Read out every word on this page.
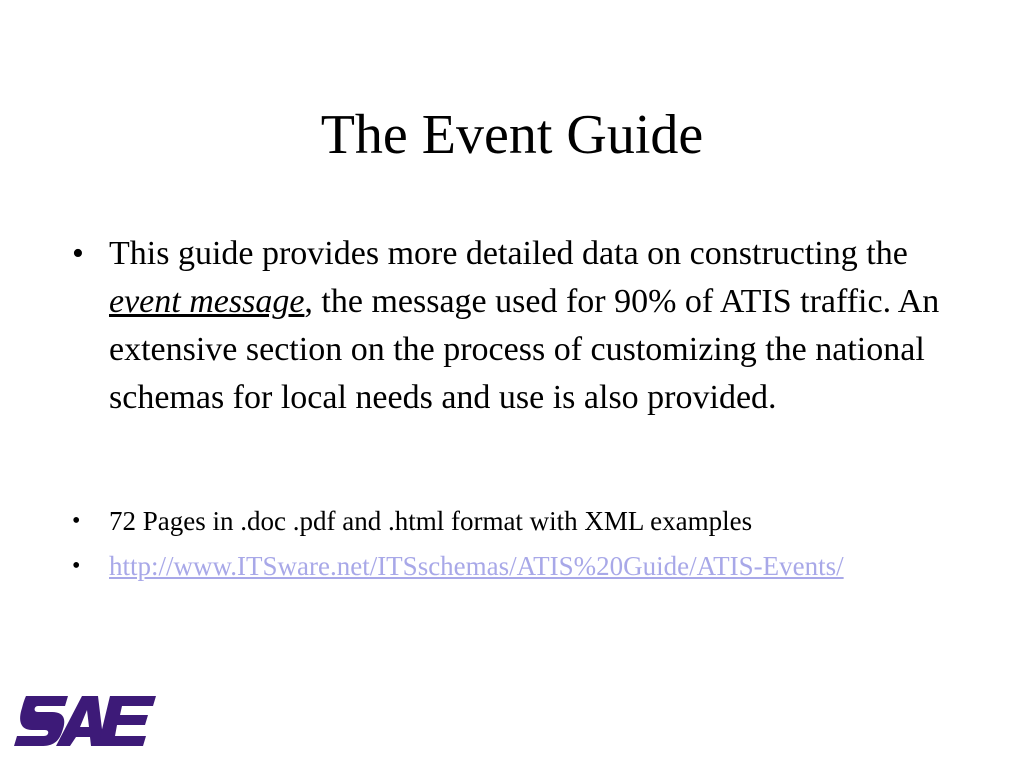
The Event Guide
• This guide provides more detailed data on constructing the event message, the message used for 90% of ATIS traffic. An extensive section on the process of customizing the national schemas for local needs and use is also provided.
• 72 Pages in .doc .pdf and .html format with XML examples
• http://www.ITSware.net/ITSschemas/ATIS%20Guide/ATIS-Events/
